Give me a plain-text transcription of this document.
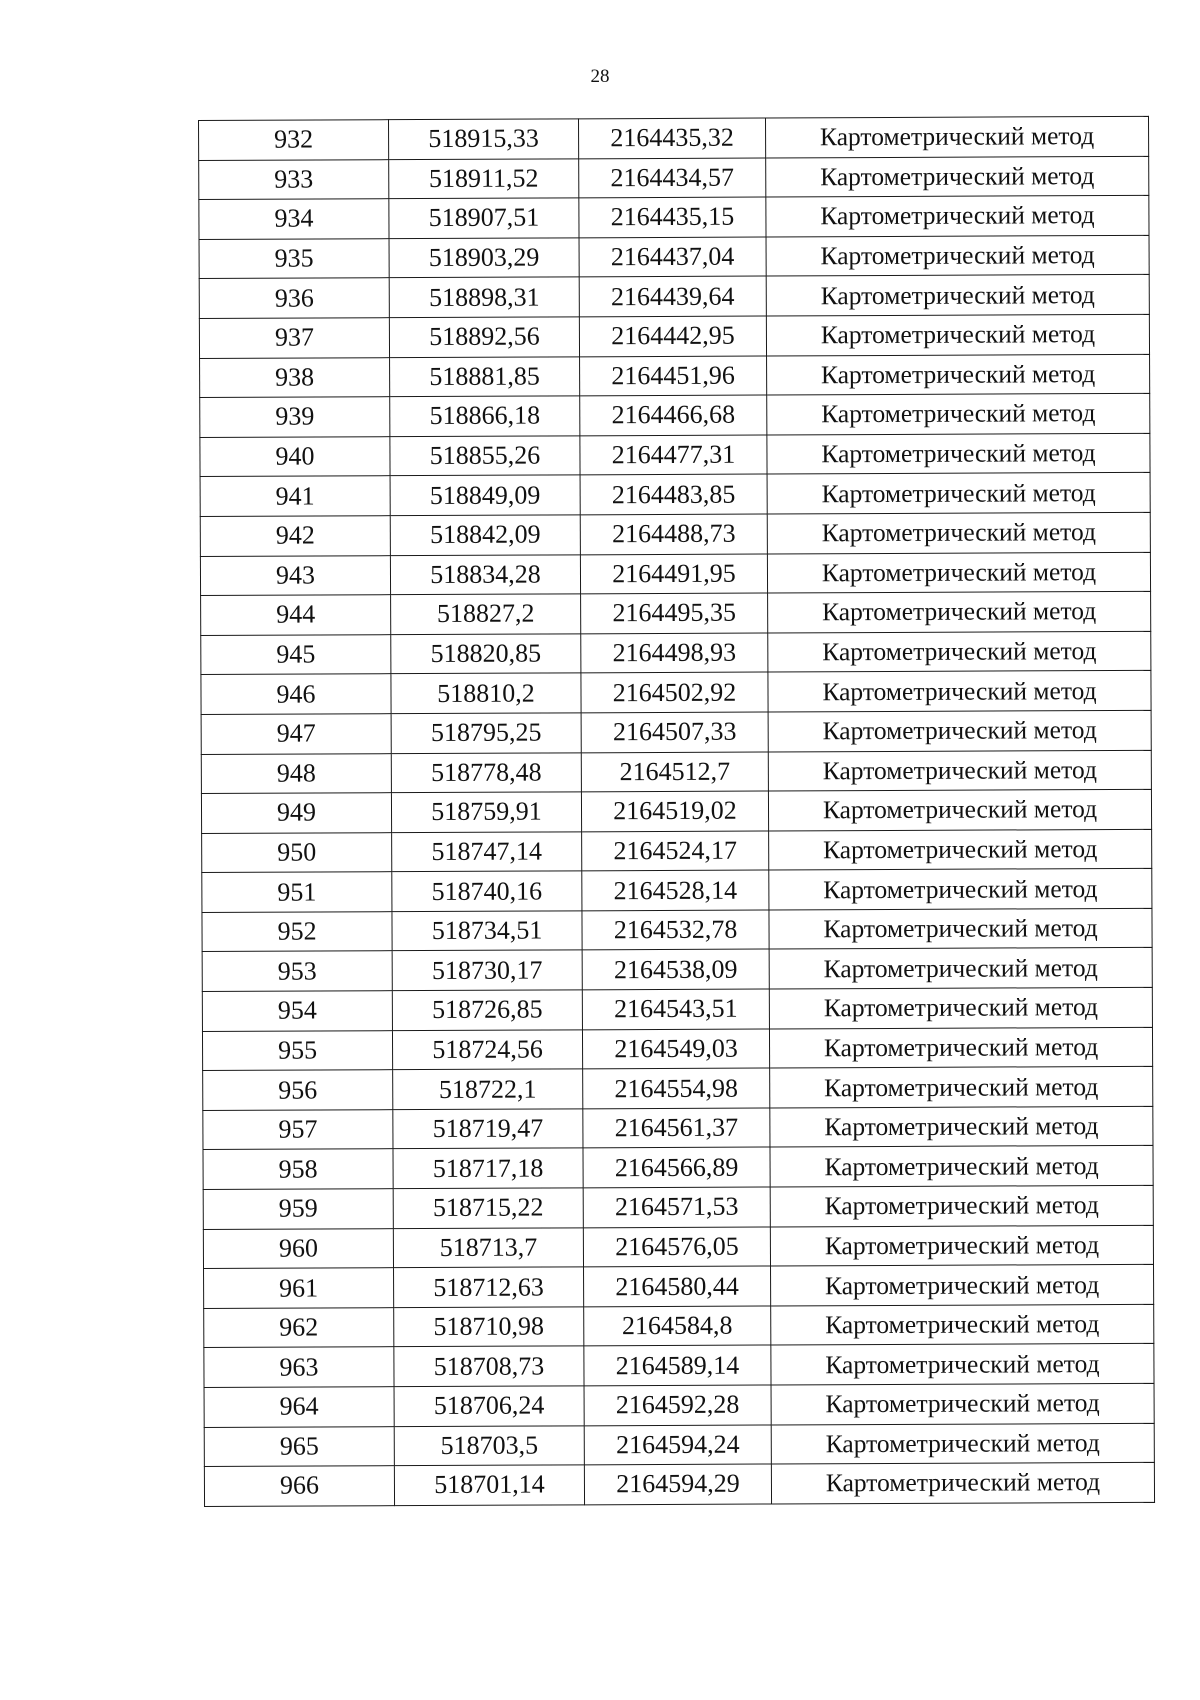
28
932	518915,33	2164435,32	Картометрический метод
933	518911,52	2164434,57	Картометрический метод
934	518907,51	2164435,15	Картометрический метод
935	518903,29	2164437,04	Картометрический метод
936	518898,31	2164439,64	Картометрический метод
937	518892,56	2164442,95	Картометрический метод
938	518881,85	2164451,96	Картометрический метод
939	518866,18	2164466,68	Картометрический метод
940	518855,26	2164477,31	Картометрический метод
941	518849,09	2164483,85	Картометрический метод
942	518842,09	2164488,73	Картометрический метод
943	518834,28	2164491,95	Картометрический метод
944	518827,2	2164495,35	Картометрический метод
945	518820,85	2164498,93	Картометрический метод
946	518810,2	2164502,92	Картометрический метод
947	518795,25	2164507,33	Картометрический метод
948	518778,48	2164512,7	Картометрический метод
949	518759,91	2164519,02	Картометрический метод
950	518747,14	2164524,17	Картометрический метод
951	518740,16	2164528,14	Картометрический метод
952	518734,51	2164532,78	Картометрический метод
953	518730,17	2164538,09	Картометрический метод
954	518726,85	2164543,51	Картометрический метод
955	518724,56	2164549,03	Картометрический метод
956	518722,1	2164554,98	Картометрический метод
957	518719,47	2164561,37	Картометрический метод
958	518717,18	2164566,89	Картометрический метод
959	518715,22	2164571,53	Картометрический метод
960	518713,7	2164576,05	Картометрический метод
961	518712,63	2164580,44	Картометрический метод
962	518710,98	2164584,8	Картометрический метод
963	518708,73	2164589,14	Картометрический метод
964	518706,24	2164592,28	Картометрический метод
965	518703,5	2164594,24	Картометрический метод
966	518701,14	2164594,29	Картометрический метод
